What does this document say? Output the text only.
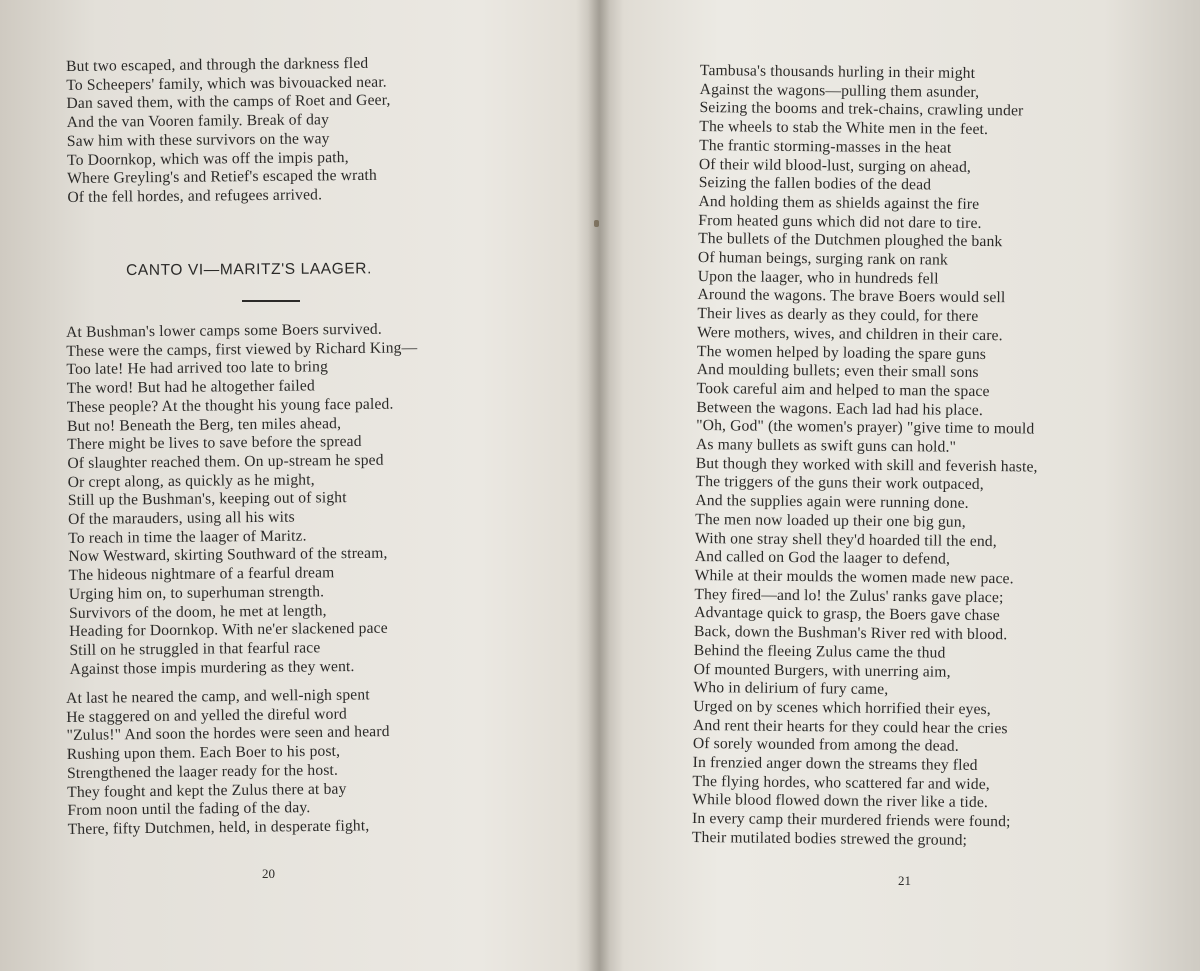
But two escaped, and through the darkness fled
To Scheepers' family, which was bivouacked near.
Dan saved them, with the camps of Roet and Geer,
And the van Vooren family. Break of day
Saw him with these survivors on the way
To Doornkop, which was off the impis path,
Where Greyling's and Retief's escaped the wrath
Of the fell hordes, and refugees arrived.
CANTO VI—MARITZ'S LAAGER.
At Bushman's lower camps some Boers survived.
These were the camps, first viewed by Richard King—
Too late! He had arrived too late to bring
The word! But had he altogether failed
These people? At the thought his young face paled.
But no! Beneath the Berg, ten miles ahead,
There might be lives to save before the spread
Of slaughter reached them. On up-stream he sped
Or crept along, as quickly as he might,
Still up the Bushman's, keeping out of sight
Of the marauders, using all his wits
To reach in time the laager of Maritz.
Now Westward, skirting Southward of the stream,
The hideous nightmare of a fearful dream
Urging him on, to superhuman strength.
Survivors of the doom, he met at length,
Heading for Doornkop. With ne'er slackened pace
Still on he struggled in that fearful race
Against those impis murdering as they went.
At last he neared the camp, and well-nigh spent
He staggered on and yelled the direful word
"Zulus!" And soon the hordes were seen and heard
Rushing upon them. Each Boer to his post,
Strengthened the laager ready for the host.
They fought and kept the Zulus there at bay
From noon until the fading of the day.
There, fifty Dutchmen, held, in desperate fight,
20
Tambusa's thousands hurling in their might
Against the wagons—pulling them asunder,
Seizing the booms and trek-chains, crawling under
The wheels to stab the White men in the feet.
The frantic storming-masses in the heat
Of their wild blood-lust, surging on ahead,
Seizing the fallen bodies of the dead
And holding them as shields against the fire
From heated guns which did not dare to tire.
The bullets of the Dutchmen ploughed the bank
Of human beings, surging rank on rank
Upon the laager, who in hundreds fell
Around the wagons. The brave Boers would sell
Their lives as dearly as they could, for there
Were mothers, wives, and children in their care.
The women helped by loading the spare guns
And moulding bullets; even their small sons
Took careful aim and helped to man the space
Between the wagons. Each lad had his place.
"Oh, God" (the women's prayer) "give time to mould
As many bullets as swift guns can hold."
But though they worked with skill and feverish haste,
The triggers of the guns their work outpaced,
And the supplies again were running done.
The men now loaded up their one big gun,
With one stray shell they'd hoarded till the end,
And called on God the laager to defend,
While at their moulds the women made new pace.
They fired—and lo! the Zulus' ranks gave place;
Advantage quick to grasp, the Boers gave chase
Back, down the Bushman's River red with blood.
Behind the fleeing Zulus came the thud
Of mounted Burgers, with unerring aim,
Who in delirium of fury came,
Urged on by scenes which horrified their eyes,
And rent their hearts for they could hear the cries
Of sorely wounded from among the dead.
In frenzied anger down the streams they fled
The flying hordes, who scattered far and wide,
While blood flowed down the river like a tide.
In every camp their murdered friends were found;
Their mutilated bodies strewed the ground;
21
